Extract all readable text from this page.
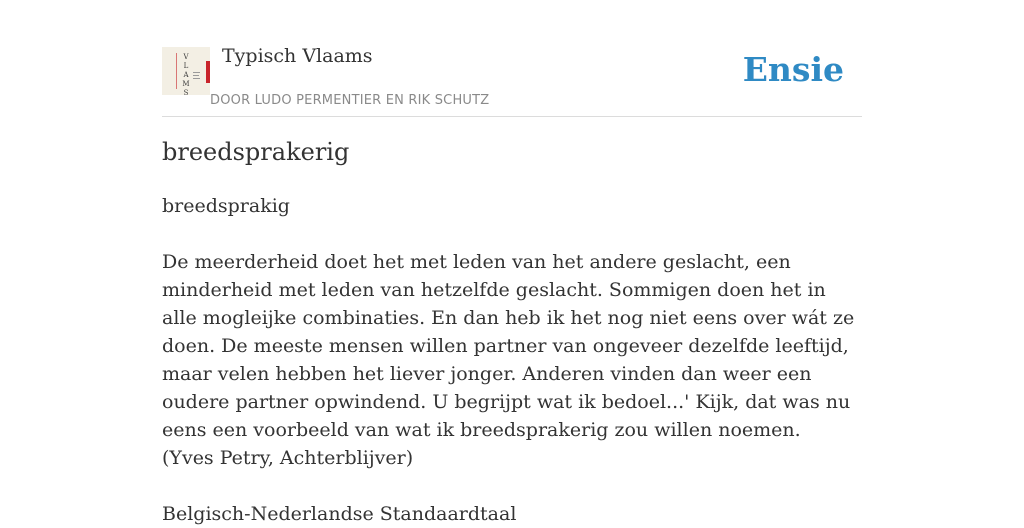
V
L
A
M
S
Typisch Vlaams
DOOR LUDO PERMENTIER EN RIK SCHUTZ
Ensie
breedsprakerig

breedsprakig

De meerderheid doet het met leden van het andere geslacht, een minderheid met leden van hetzelfde geslacht. Sommigen doen het in alle mogleijke combinaties. En dan heb ik het nog niet eens over wát ze doen. De meeste mensen willen partner van ongeveer dezelfde leeftijd, maar velen hebben het liever jonger. Anderen vinden dan weer een oudere partner opwindend. U begrijpt wat ik bedoel...' Kijk, dat was nu eens een voorbeeld van wat ik breedsprakerig zou willen noemen.

(Yves Petry, Achterblijver)

Belgisch-Nederlandse Standaardtaal
